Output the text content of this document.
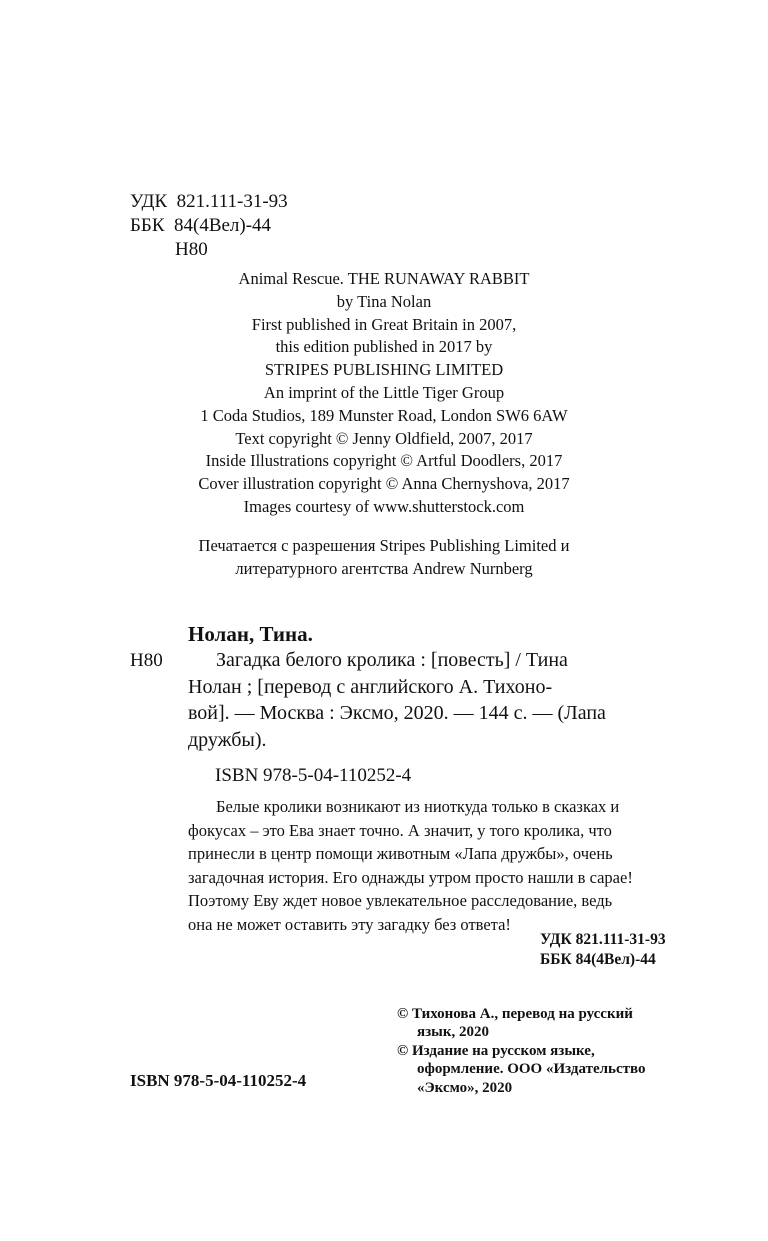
УДК  821.111-31-93
ББК  84(4Вел)-44
Н80
Animal Rescue. THE RUNAWAY RABBIT
by Tina Nolan
First published in Great Britain in 2007,
this edition published in 2017 by
STRIPES PUBLISHING LIMITED
An imprint of the Little Tiger Group
1 Coda Studios, 189 Munster Road, London SW6 6AW
Text copyright © Jenny Oldfield, 2007, 2017
Inside Illustrations copyright © Artful Doodlers, 2017
Cover illustration copyright © Anna Chernyshova, 2017
Images courtesy of www.shutterstock.com
Печатается с разрешения Stripes Publishing Limited и
литературного агентства Andrew Nurnberg
Нолан, Тина.
Н80	Загадка белого кролика : [повесть] / Тина
Нолан ; [перевод с английского А. Тихоно-
вой]. — Москва : Эксмо, 2020. — 144 с. — (Лапа
дружбы).
ISBN 978-5-04-110252-4
Белые кролики возникают из ниоткуда только в сказках и
фокусах – это Ева знает точно. А значит, у того кролика, что
принесли в центр помощи животным «Лапа дружбы», очень
загадочная история. Его однажды утром просто нашли в сарае!
Поэтому Еву ждет новое увлекательное расследование, ведь
она не может оставить эту загадку без ответа!
УДК 821.111-31-93
ББК 84(4Вел)-44
© Тихонова А., перевод на русский
язык, 2020
© Издание на русском языке,
оформление. ООО «Издательство
«Эксмо», 2020
ISBN 978-5-04-110252-4
